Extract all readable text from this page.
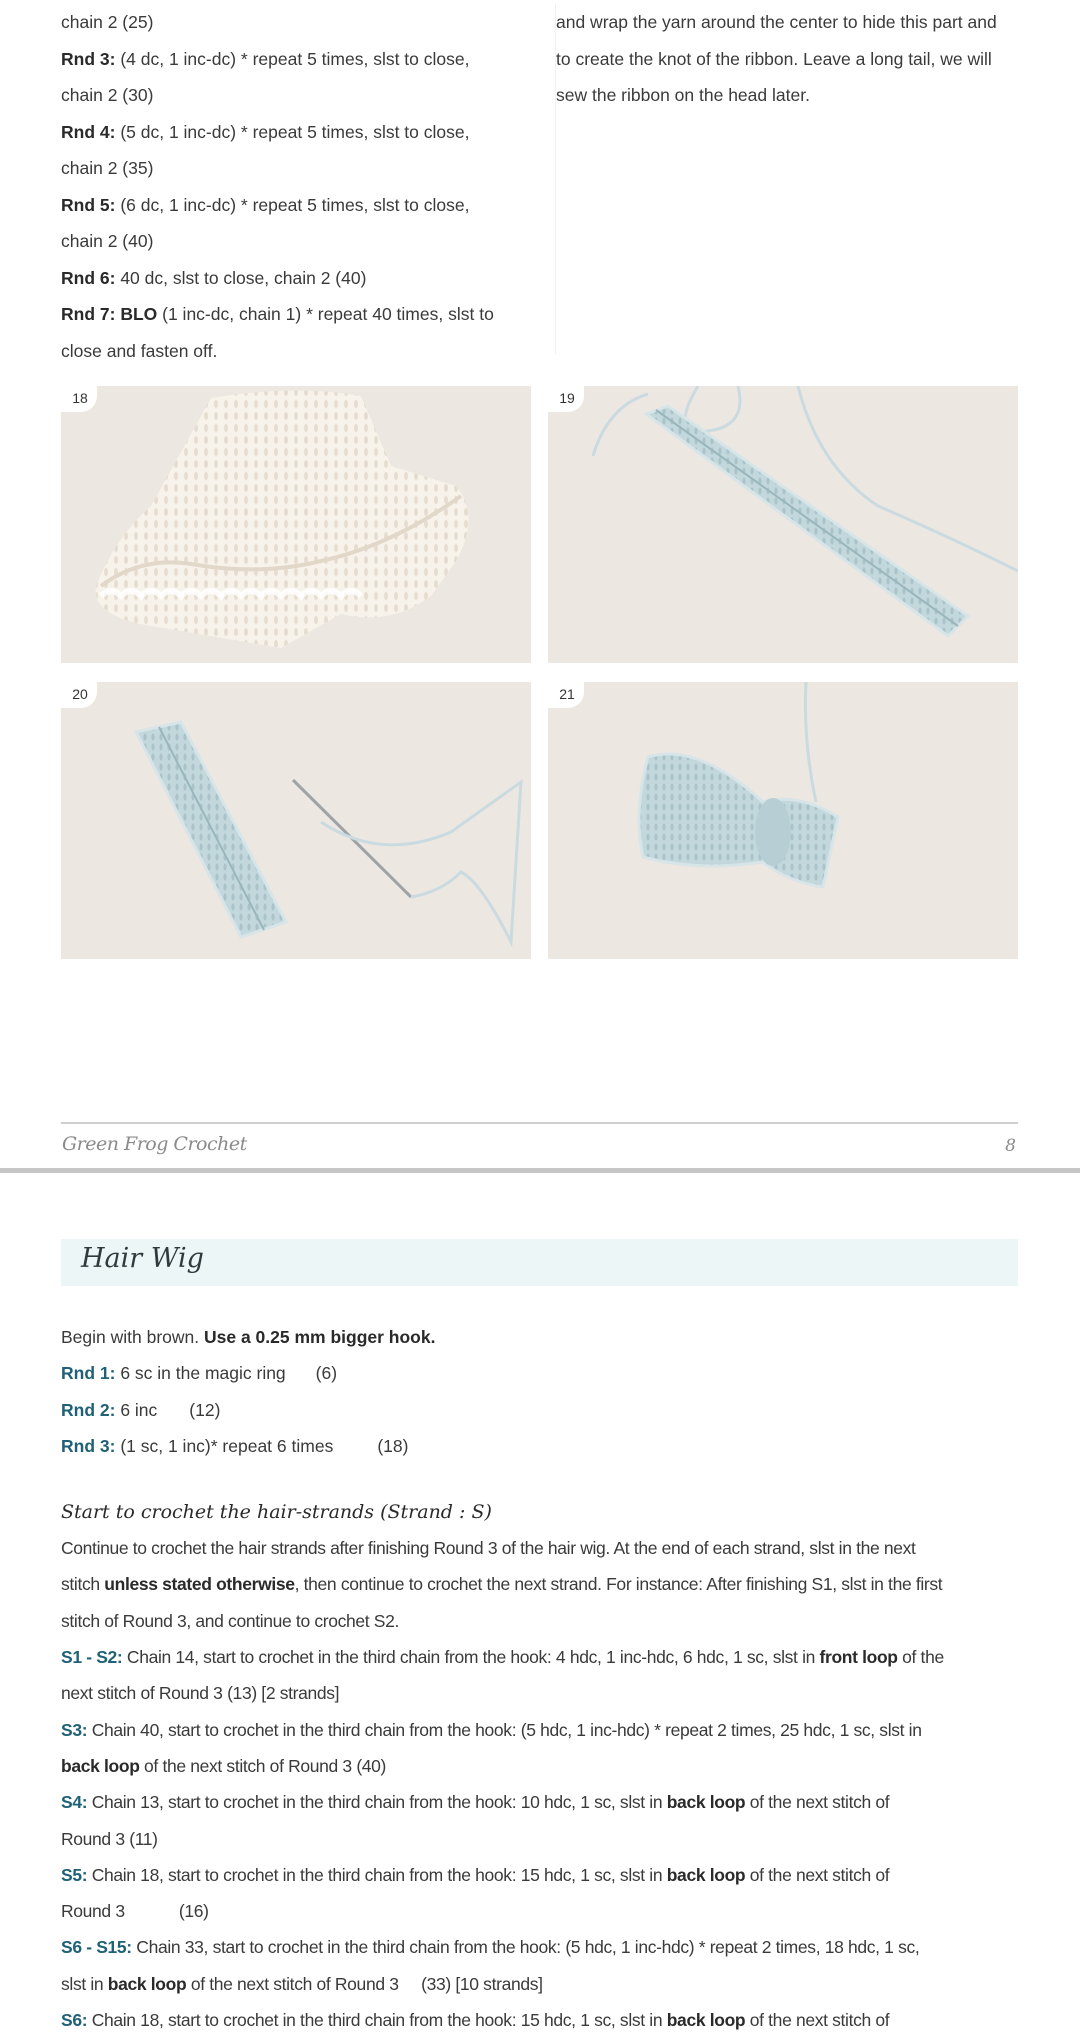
chain 2 (25)
Rnd 3: (4 dc, 1 inc-dc) * repeat 5 times, slst to close,
chain 2 (30)
Rnd 4: (5 dc, 1 inc-dc) * repeat 5 times, slst to close,
chain 2 (35)
Rnd 5: (6 dc, 1 inc-dc) * repeat 5 times, slst to close,
chain 2 (40)
Rnd 6: 40 dc, slst to close, chain 2 (40)
Rnd 7: BLO (1 inc-dc, chain 1) * repeat 40 times, slst to
close and fasten off.
and wrap the yarn around the center to hide this part and
to create the knot of the ribbon. Leave a long tail, we will
sew the ribbon on the head later.
18	19
20	21
Green Frog Crochet	8
Hair Wig
Begin with brown. Use a 0.25 mm bigger hook.
Rnd 1: 6 sc in the magic ring (6)
Rnd 2: 6 inc (12)
Rnd 3: (1 sc, 1 inc)* repeat 6 times	(18)
Start to crochet the hair-strands (Strand : S)
Continue to crochet the hair strands after finishing Round 3 of the hair wig. At the end of each strand, slst in the next
stitch unless stated otherwise, then continue to crochet the next strand. For instance: After finishing S1, slst in the first
stitch of Round 3, and continue to crochet S2.
S1 - S2: Chain 14, start to crochet in the third chain from the hook: 4 hdc, 1 inc-hdc, 6 hdc, 1 sc, slst in front loop of the
next stitch of Round 3 (13) [2 strands]
S3: Chain 40, start to crochet in the third chain from the hook: (5 hdc, 1 inc-hdc) * repeat 2 times, 25 hdc, 1 sc, slst in
back loop of the next stitch of Round 3 (40)
S4: Chain 13, start to crochet in the third chain from the hook: 10 hdc, 1 sc, slst in back loop of the next stitch of
Round 3 (11)
S5: Chain 18, start to crochet in the third chain from the hook: 15 hdc, 1 sc, slst in back loop of the next stitch of
Round 3            (16)
S6 - S15: Chain 33, start to crochet in the third chain from the hook: (5 hdc, 1 inc-hdc) * repeat 2 times, 18 hdc, 1 sc,
slst in back loop of the next stitch of Round 3     (33) [10 strands]
S6: Chain 18, start to crochet in the third chain from the hook: 15 hdc, 1 sc, slst in back loop of the next stitch of
